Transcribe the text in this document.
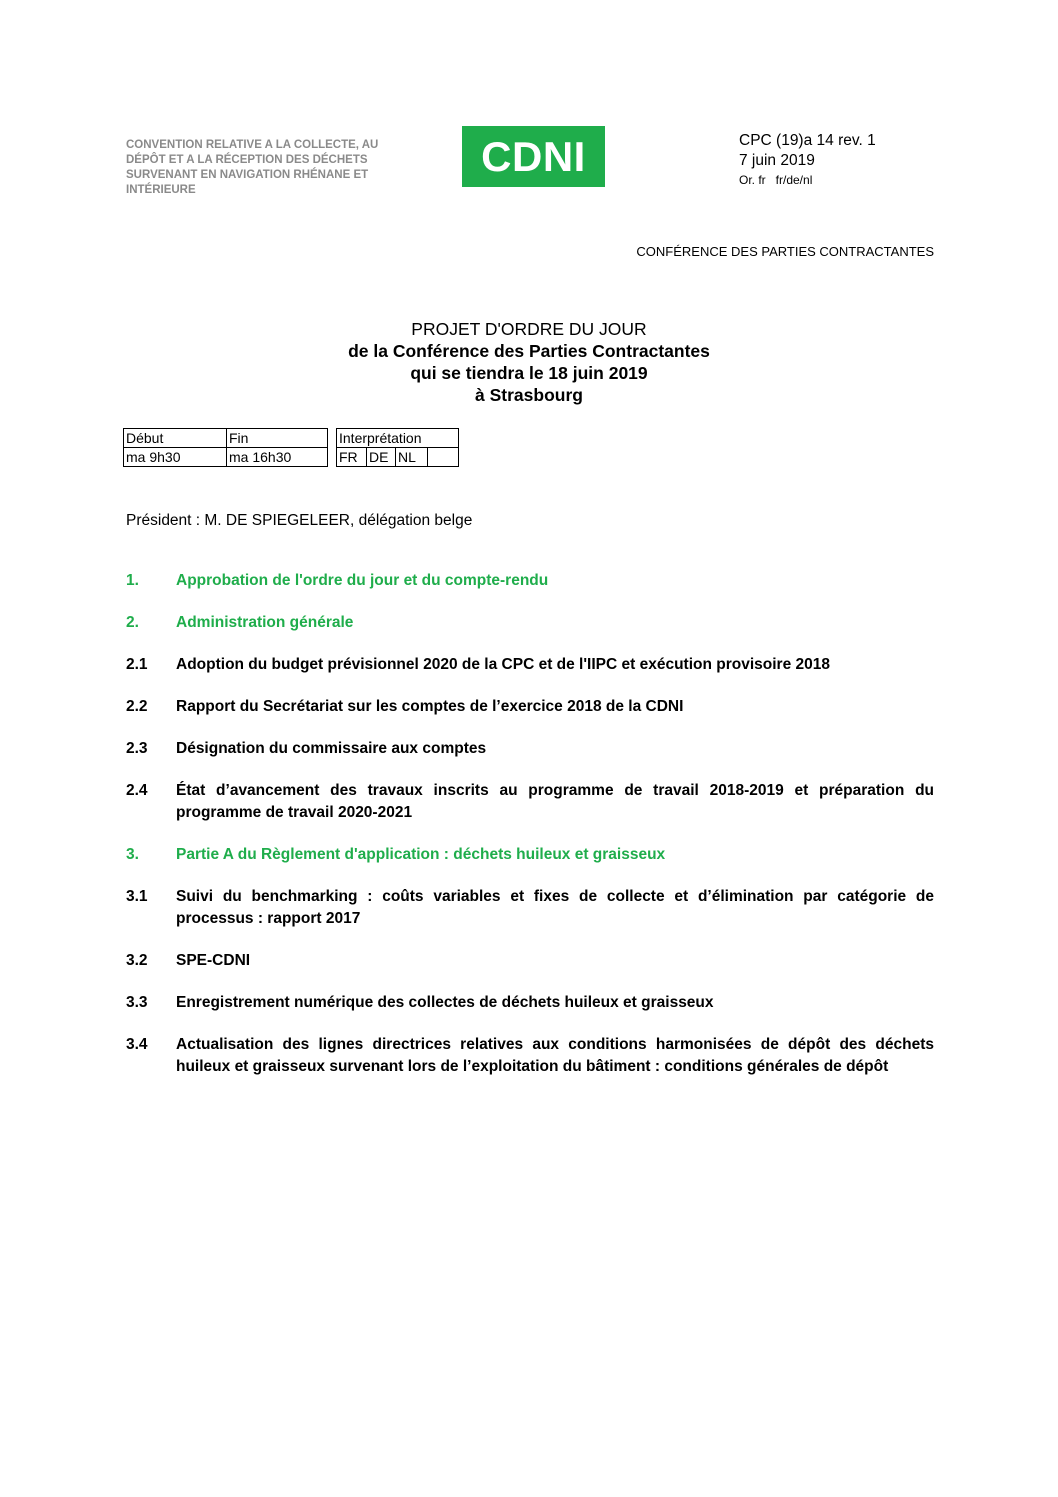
CONVENTION RELATIVE A LA COLLECTE, AU
DÉPÔT ET A LA RÉCEPTION DES DÉCHETS
SURVENANT EN NAVIGATION RHÉNANE ET
INTÉRIEURE
CDNI	CPC (19)a 14 rev. 1
7 juin 2019
Or. fr fr/de/nl
CONFÉRENCE DES PARTIES CONTRACTANTES
PROJET D'ORDRE DU JOUR
de la Conférence des Parties Contractantes
qui se tiendra le 18 juin 2019
à Strasbourg
Début	Fin		Interprétation			
ma 9h30	ma 16h30		FR	DE	NL	
Président : M. DE SPIEGELEER, délégation belge
1. Approbation de l'ordre du jour et du compte-rendu
2. Administration générale
2.1 Adoption du budget prévisionnel 2020 de la CPC et de l'IIPC et exécution provisoire 2018
2.2 Rapport du Secrétariat sur les comptes de l’exercice 2018 de la CDNI
2.3 Désignation du commissaire aux comptes
2.4 État d’avancement des travaux inscrits au programme de travail 2018-2019 et préparation du programme de travail 2020-2021
3. Partie A du Règlement d'application : déchets huileux et graisseux
3.1 Suivi du benchmarking : coûts variables et fixes de collecte et d’élimination par catégorie de processus : rapport 2017
3.2 SPE-CDNI
3.3 Enregistrement numérique des collectes de déchets huileux et graisseux
3.4 Actualisation des lignes directrices relatives aux conditions harmonisées de dépôt des déchets huileux et graisseux survenant lors de l’exploitation du bâtiment : conditions générales de dépôt
